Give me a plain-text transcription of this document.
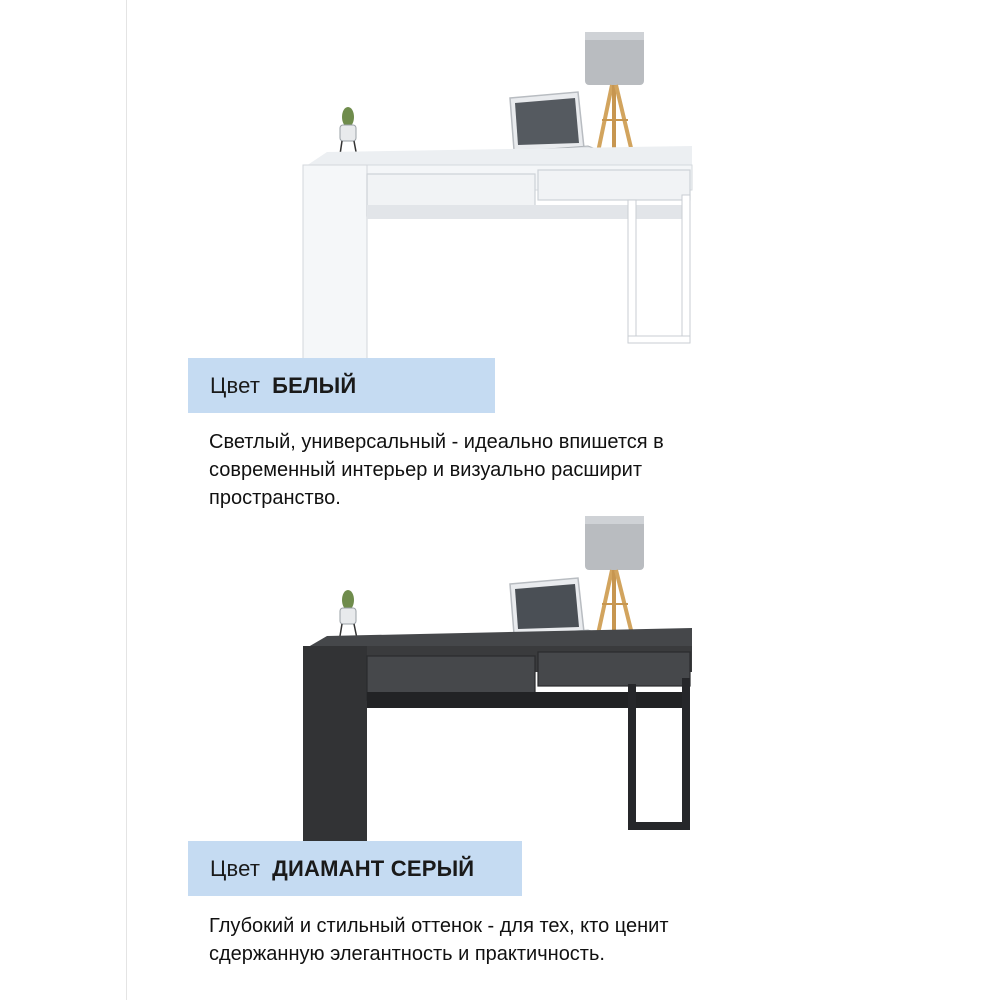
Цвет БЕЛЫЙ

Светлый, универсальный - идеально впишется в
современный интерьер и визуально расширит
пространство.

Цвет ДИАМАНТ СЕРЫЙ

Глубокий и стильный оттенок - для тех, кто ценит
сдержанную элегантность и практичность.
